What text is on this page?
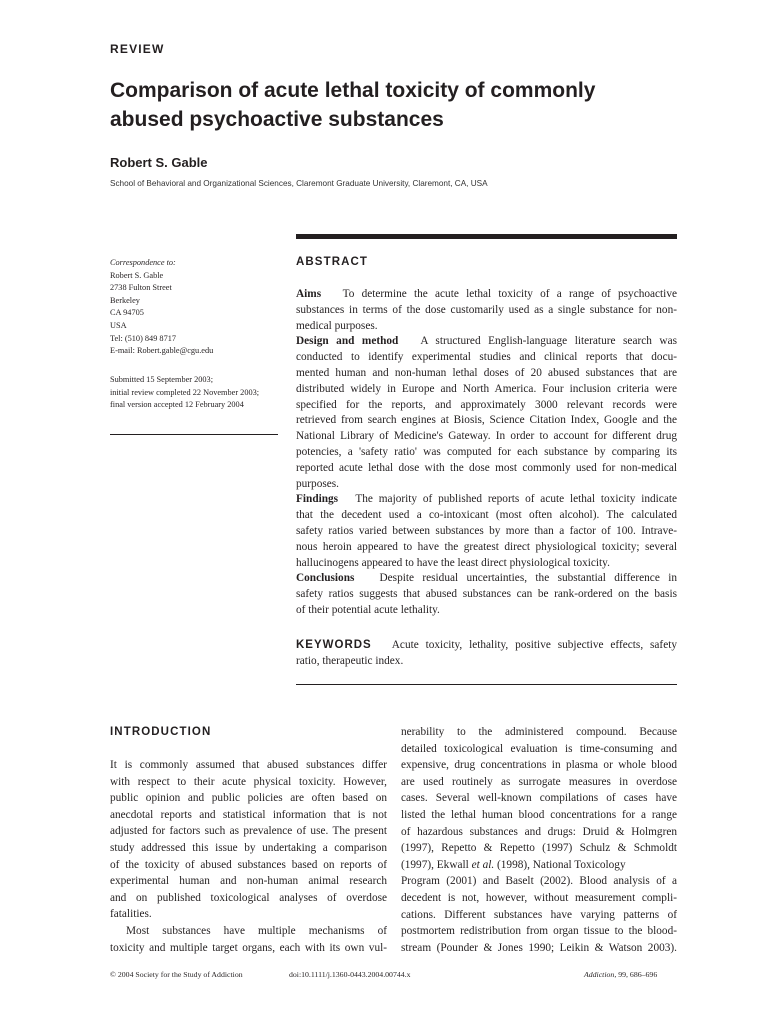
REVIEW
Comparison of acute lethal toxicity of commonly
abused psychoactive substances
Robert S. Gable
School of Behavioral and Organizational Sciences, Claremont Graduate University, Claremont, CA, USA
Correspondence to:
Robert S. Gable
2738 Fulton Street
Berkeley
CA 94705
USA
Tel: (510) 849 8717
E-mail: Robert.gable@cgu.edu
Submitted 15 September 2003;
initial review completed 22 November 2003;
final version accepted 12 February 2004
ABSTRACT
Aims To determine the acute lethal toxicity of a range of psychoactive
substances in terms of the dose customarily used as a single substance for non-
medical purposes.
Design and method A structured English-language literature search was
conducted to identify experimental studies and clinical reports that docu-
mented human and non-human lethal doses of 20 abused substances that are
distributed widely in Europe and North America. Four inclusion criteria were
specified for the reports, and approximately 3000 relevant records were
retrieved from search engines at Biosis, Science Citation Index, Google and the
National Library of Medicine's Gateway. In order to account for different drug
potencies, a 'safety ratio' was computed for each substance by comparing its
reported acute lethal dose with the dose most commonly used for non-medical
purposes.
Findings The majority of published reports of acute lethal toxicity indicate
that the decedent used a co-intoxicant (most often alcohol). The calculated
safety ratios varied between substances by more than a factor of 100. Intrave-
nous heroin appeared to have the greatest direct physiological toxicity; several
hallucinogens appeared to have the least direct physiological toxicity.
Conclusions Despite residual uncertainties, the substantial difference in
safety ratios suggests that abused substances can be rank-ordered on the basis
of their potential acute lethality.
KEYWORDS Acute toxicity, lethality, positive subjective effects, safety
ratio, therapeutic index.
INTRODUCTION
It is commonly assumed that abused substances differ
with respect to their acute physical toxicity. However,
public opinion and public policies are often based on
anecdotal reports and statistical information that is not
adjusted for factors such as prevalence of use. The present
study addressed this issue by undertaking a comparison
of the toxicity of abused substances based on reports of
experimental human and non-human animal research
and on published toxicological analyses of overdose
fatalities.
Most substances have multiple mechanisms of
toxicity and multiple target organs, each with its own vul-
nerability to the administered compound. Because
detailed toxicological evaluation is time-consuming and
expensive, drug concentrations in plasma or whole blood
are used routinely as surrogate measures in overdose
cases. Several well-known compilations of cases have
listed the lethal human blood concentrations for a range
of hazardous substances and drugs: Druid & Holmgren
(1997), Repetto & Repetto (1997) Schulz & Schmoldt
(1997), Ekwall et al. (1998), National Toxicology
Program (2001) and Baselt (2002). Blood analysis of a
decedent is not, however, without measurement compli-
cations. Different substances have varying patterns of
postmortem redistribution from organ tissue to the blood-
stream (Pounder & Jones 1990; Leikin & Watson 2003).
© 2004 Society for the Study of Addiction	doi:10.1111/j.1360-0443.2004.00744.x	Addiction, 99, 686–696
